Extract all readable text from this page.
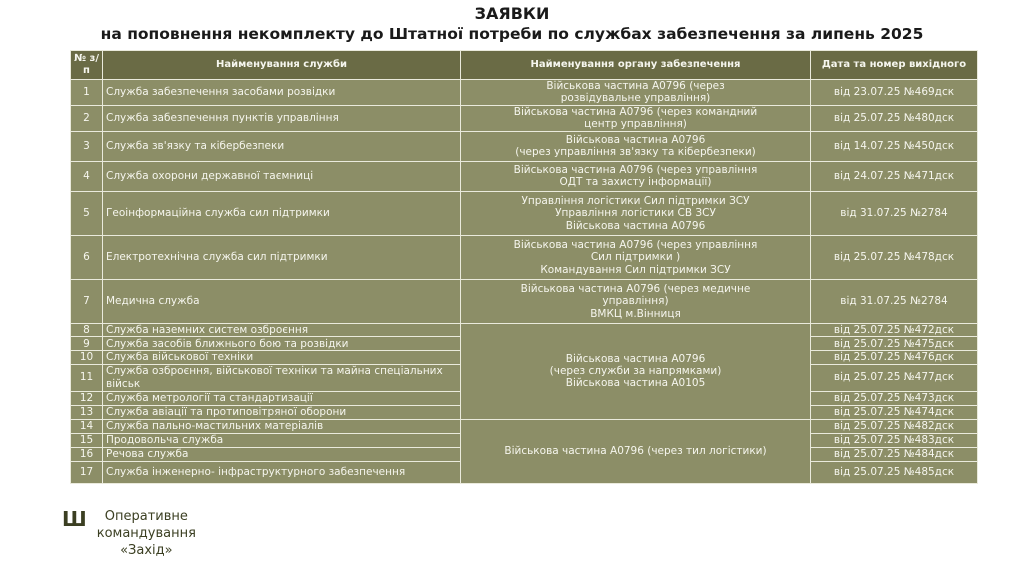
ЗАЯВКИ
на поповнення некомплекту до Штатної потреби по службах забезпечення за липень 2025
№ з/п	Найменування служби	Найменування органу забезпечення	Дата та номер вихідного
1	Служба забезпечення засобами розвідки	Військова частина А0796 (через
розвідувальне управління)	від 23.07.25 №469дск
2	Служба забезпечення пунктів управління	Військова частина А0796 (через командний
центр управління)	від 25.07.25 №480дск
3	Служба зв'язку та кібербезпеки	Військова частина А0796
(через управління зв'язку та кібербезпеки)	від 14.07.25 №450дск
4	Служба охорони державної таємниці	Військова частина А0796 (через управління
ОДТ та захисту інформації)	від 24.07.25 №471дск
5	Геоінформаційна служба сил підтримки	Управління логістики Сил підтримки ЗСУ
Управління логістики СВ ЗСУ
Військова частина А0796	від 31.07.25 №2784
6	Електротехнічна служба сил підтримки	Військова частина А0796 (через управління
Сил підтримки )
Командування Сил підтримки ЗСУ	від 25.07.25 №478дск
7	Медична служба	Військова частина А0796 (через медичне
управління)
ВМКЦ м.Вінниця	від 31.07.25 №2784
8	Служба наземних систем озброєння	Військова частина А0796
(через служби за напрямками)
Військова частина А0105	від 25.07.25 №472дск
9	Служба засобів ближнього бою та розвідки		від 25.07.25 №475дск
10	Служба військової техніки		від 25.07.25 №476дск
11	Служба озброєння, військової техніки та майна спеціальних військ		від 25.07.25 №477дск
12	Служба метрології та стандартизації		від 25.07.25 №473дск
13	Служба авіації та протиповітряної оборони		від 25.07.25 №474дск
14	Служба пально-мастильних матеріалів	Військова частина А0796 (через тил логістики)	від 25.07.25 №482дск
15	Продовольча служба		від 25.07.25 №483дск
16	Речова служба		від 25.07.25 №484дск
17	Служба інженерно- інфраструктурного забезпечення		від 25.07.25 №485дск
Ш	Оперативне
командування
«Захід»
